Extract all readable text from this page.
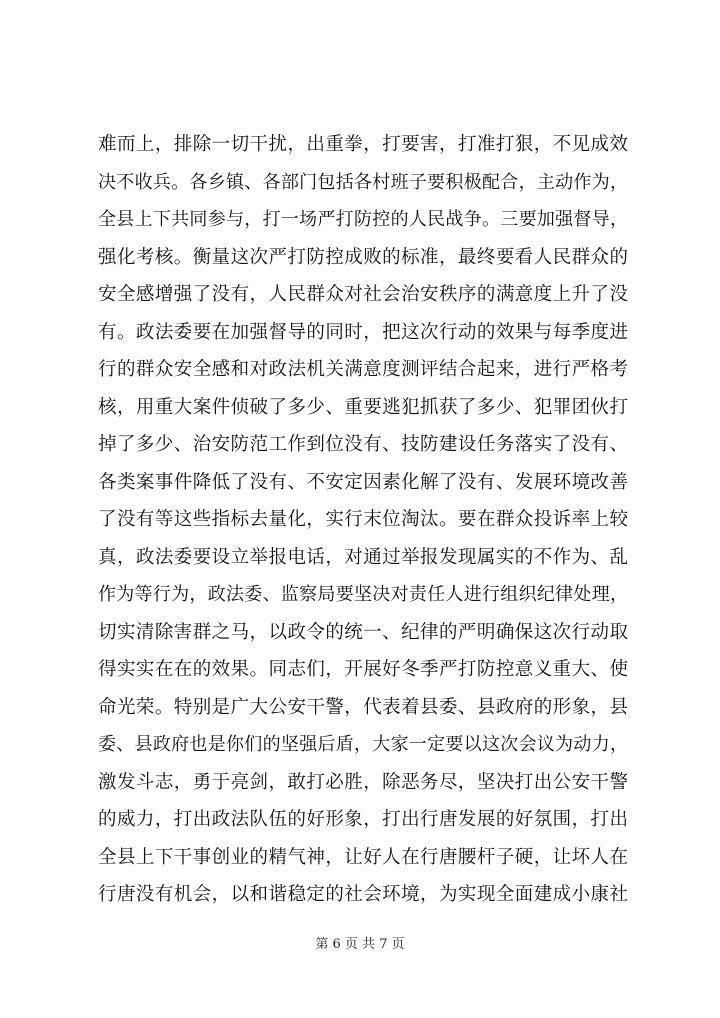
难而上，排除一切干扰，出重拳，打要害，打准打狠，不见成效
决不收兵。各乡镇、各部门包括各村班子要积极配合，主动作为，
全县上下共同参与，打一场严打防控的人民战争。三要加强督导，
强化考核。衡量这次严打防控成败的标准，最终要看人民群众的
安全感增强了没有，人民群众对社会治安秩序的满意度上升了没
有。政法委要在加强督导的同时，把这次行动的效果与每季度进
行的群众安全感和对政法机关满意度测评结合起来，进行严格考
核，用重大案件侦破了多少、重要逃犯抓获了多少、犯罪团伙打
掉了多少、治安防范工作到位没有、技防建设任务落实了没有、
各类案事件降低了没有、不安定因素化解了没有、发展环境改善
了没有等这些指标去量化，实行末位淘汰。要在群众投诉率上较
真，政法委要设立举报电话，对通过举报发现属实的不作为、乱
作为等行为，政法委、监察局要坚决对责任人进行组织纪律处理，
切实清除害群之马，以政令的统一、纪律的严明确保这次行动取
得实实在在的效果。同志们，开展好冬季严打防控意义重大、使
命光荣。特别是广大公安干警，代表着县委、县政府的形象，县
委、县政府也是你们的坚强后盾，大家一定要以这次会议为动力，
激发斗志，勇于亮剑，敢打必胜，除恶务尽，坚决打出公安干警
的威力，打出政法队伍的好形象，打出行唐发展的好氛围，打出
全县上下干事创业的精气神，让好人在行唐腰杆子硬，让坏人在
行唐没有机会，以和谐稳定的社会环境，为实现全面建成小康社
第 6 页 共 7 页
